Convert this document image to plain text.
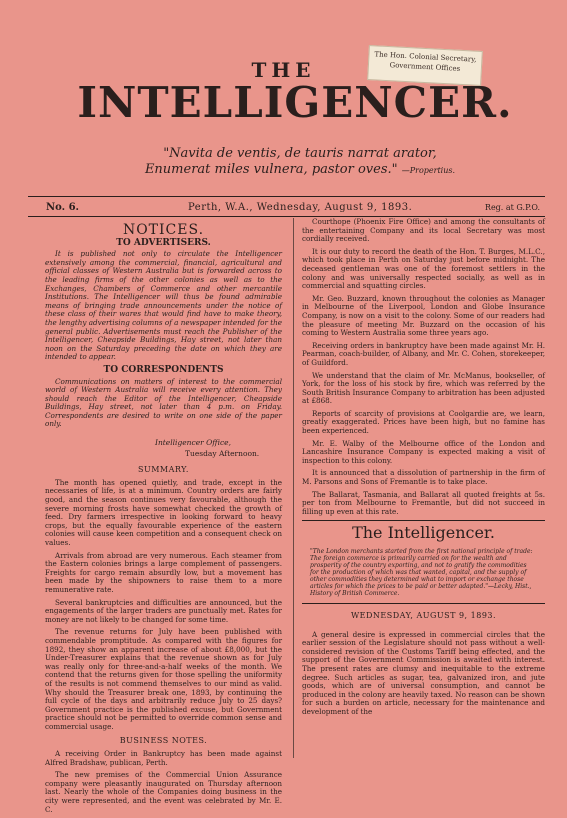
The Hon. Colonial Secretary,
Government Offices
THE
INTELLIGENCER.
"Navita de ventis, de tauris narrat arator,
Enumerat miles vulnera, pastor oves." —Propertius.
No. 6.	Perth, W.A., Wednesday, August 9, 1893.	Reg. at G.P.O.
NOTICES.
TO ADVERTISERS.

It is published not only to circulate the Intelligencer extensively among the commercial, financial, agricultural and official classes of Western Australia but is forwarded across to the leading firms of the other colonies as well as to the Exchanges, Chambers of Commerce and other mercantile Institutions. The Intelligencer will thus be found admirable means of bringing trade announcements under the notice of these class of their wares that would find have to make theory, the lengthy advertising columns of a newspaper intended for the general public. Advertisements must reach the Publisher of the Intelligencer, Cheapside Buildings, Hay street, not later than noon on the Saturday preceding the date on which they are intended to appear.

TO CORRESPONDENTS

Communications on matters of interest to the commercial world of Western Australia will receive every attention. They should reach the Editor of the Intelligencer, Cheapside Buildings, Hay street, not later than 4 p.m. on Friday. Correspondents are desired to write on one side of the paper only.

Intelligencer Office,
Tuesday Afternoon.
SUMMARY.

The month has opened quietly, and trade, except in the necessaries of life, is at a minimum. Country orders are fairly good, and the season continues very favourable, although the severe morning frosts have somewhat checked the growth of feed. Dry farmers irrespective in looking forward to heavy crops, but the equally favourable experience of the eastern colonies will cause keen competition and a consequent check on values.

Arrivals from abroad are very numerous. Each steamer from the Eastern colonies brings a large complement of passengers. Freights for cargo remain absurdly low, but a movement has been made by the shipowners to raise them to a more remunerative rate.

Several bankruptcies and difficulties are announced, but the engagements of the larger traders are punctually met. Rates for money are not likely to be changed for some time.

The revenue returns for July have been published with commendable promptitude. As compared with the figures for 1892, they show an apparent increase of about £8,000, but the Under-Treasurer explains that the revenue shown as for July was really only for three-and-a-half weeks of the month. We contend that the returns given for those spelling the uniformity of the results is not commend themselves to our mind as valid. Why should the Treasurer break one, 1893, by continuing the full cycle of the days and arbitrarily reduce July to 25 days? Government practice is the published excuse, but Government practice should not be permitted to override common sense and commercial usage.

BUSINESS NOTES.

A receiving Order in Bankruptcy has been made against Alfred Bradshaw, publican, Perth.

The new premises of the Commercial Union Assurance company were pleasantly inaugurated on Thursday afternoon last. Nearly the whole of the Companies doing business in the city were represented, and the event was celebrated by Mr. E. C.

Courthope (Phoenix Fire Office) and among the consultants of the entertaining Company and its local Secretary was most cordially received.

It is our duty to record the death of the Hon. T. Burges, M.L.C., which took place in Perth on Saturday just before midnight. The deceased gentleman was one of the foremost settlers in the colony and was universally respected socially, as well as in commercial and squatting circles.

Mr. Geo. Buzzard, known throughout the colonies as Manager in Melbourne of the Liverpool, London and Globe Insurance Company, is now on a visit to the colony. Some of our readers had the pleasure of meeting Mr. Buzzard on the occasion of his coming to Western Australia some three years ago.

Receiving orders in bankruptcy have been made against Mr. H. Pearman, coach-builder, of Albany, and Mr. C. Cohen, storekeeper, of Guildford.

We understand that the claim of Mr. McManus, bookseller, of York, for the loss of his stock by fire, which was referred by the South British Insurance Company to arbitration has been adjusted at £868.

Reports of scarcity of provisions at Coolgardie are, we learn, greatly exaggerated. Prices have been high, but no famine has been experienced.

Mr. E. Walby of the Melbourne office of the London and Lancashire Insurance Company is expected making a visit of inspection to this colony.

It is announced that a dissolution of partnership in the firm of M. Parsons and Sons of Fremantle is to take place.

The Ballarat, Tasmania, and Ballarat all quoted freights at 5s. per ton from Melbourne to Fremantle, but did not succeed in filling up even at this rate.

The Intelligencer.
"The London merchants started from the first national principle of trade: The foreign commerce is primarily carried on for the wealth and prosperity of the country exporting, and not to gratify the commodities for the production of which was that wanted, capital, and the supply of other commodities they determined what to import or exchange those articles for which the prices to be paid or better adapted."—Lecky, Hist., History of British Commerce.
WEDNESDAY, AUGUST 9, 1893.

A general desire is expressed in commercial circles that the earlier session of the Legislature should not pass without a well-considered revision of the Customs Tariff being effected, and the support of the Government Commission is awaited with interest. The present rates are clumsy and inequitable to the extreme degree. Such articles as sugar, tea, galvanized iron, and jute goods, which are of universal consumption, and cannot be produced in the colony are heavily taxed. No reason can be shown for such a burden on article, necessary for the maintenance and development of the
